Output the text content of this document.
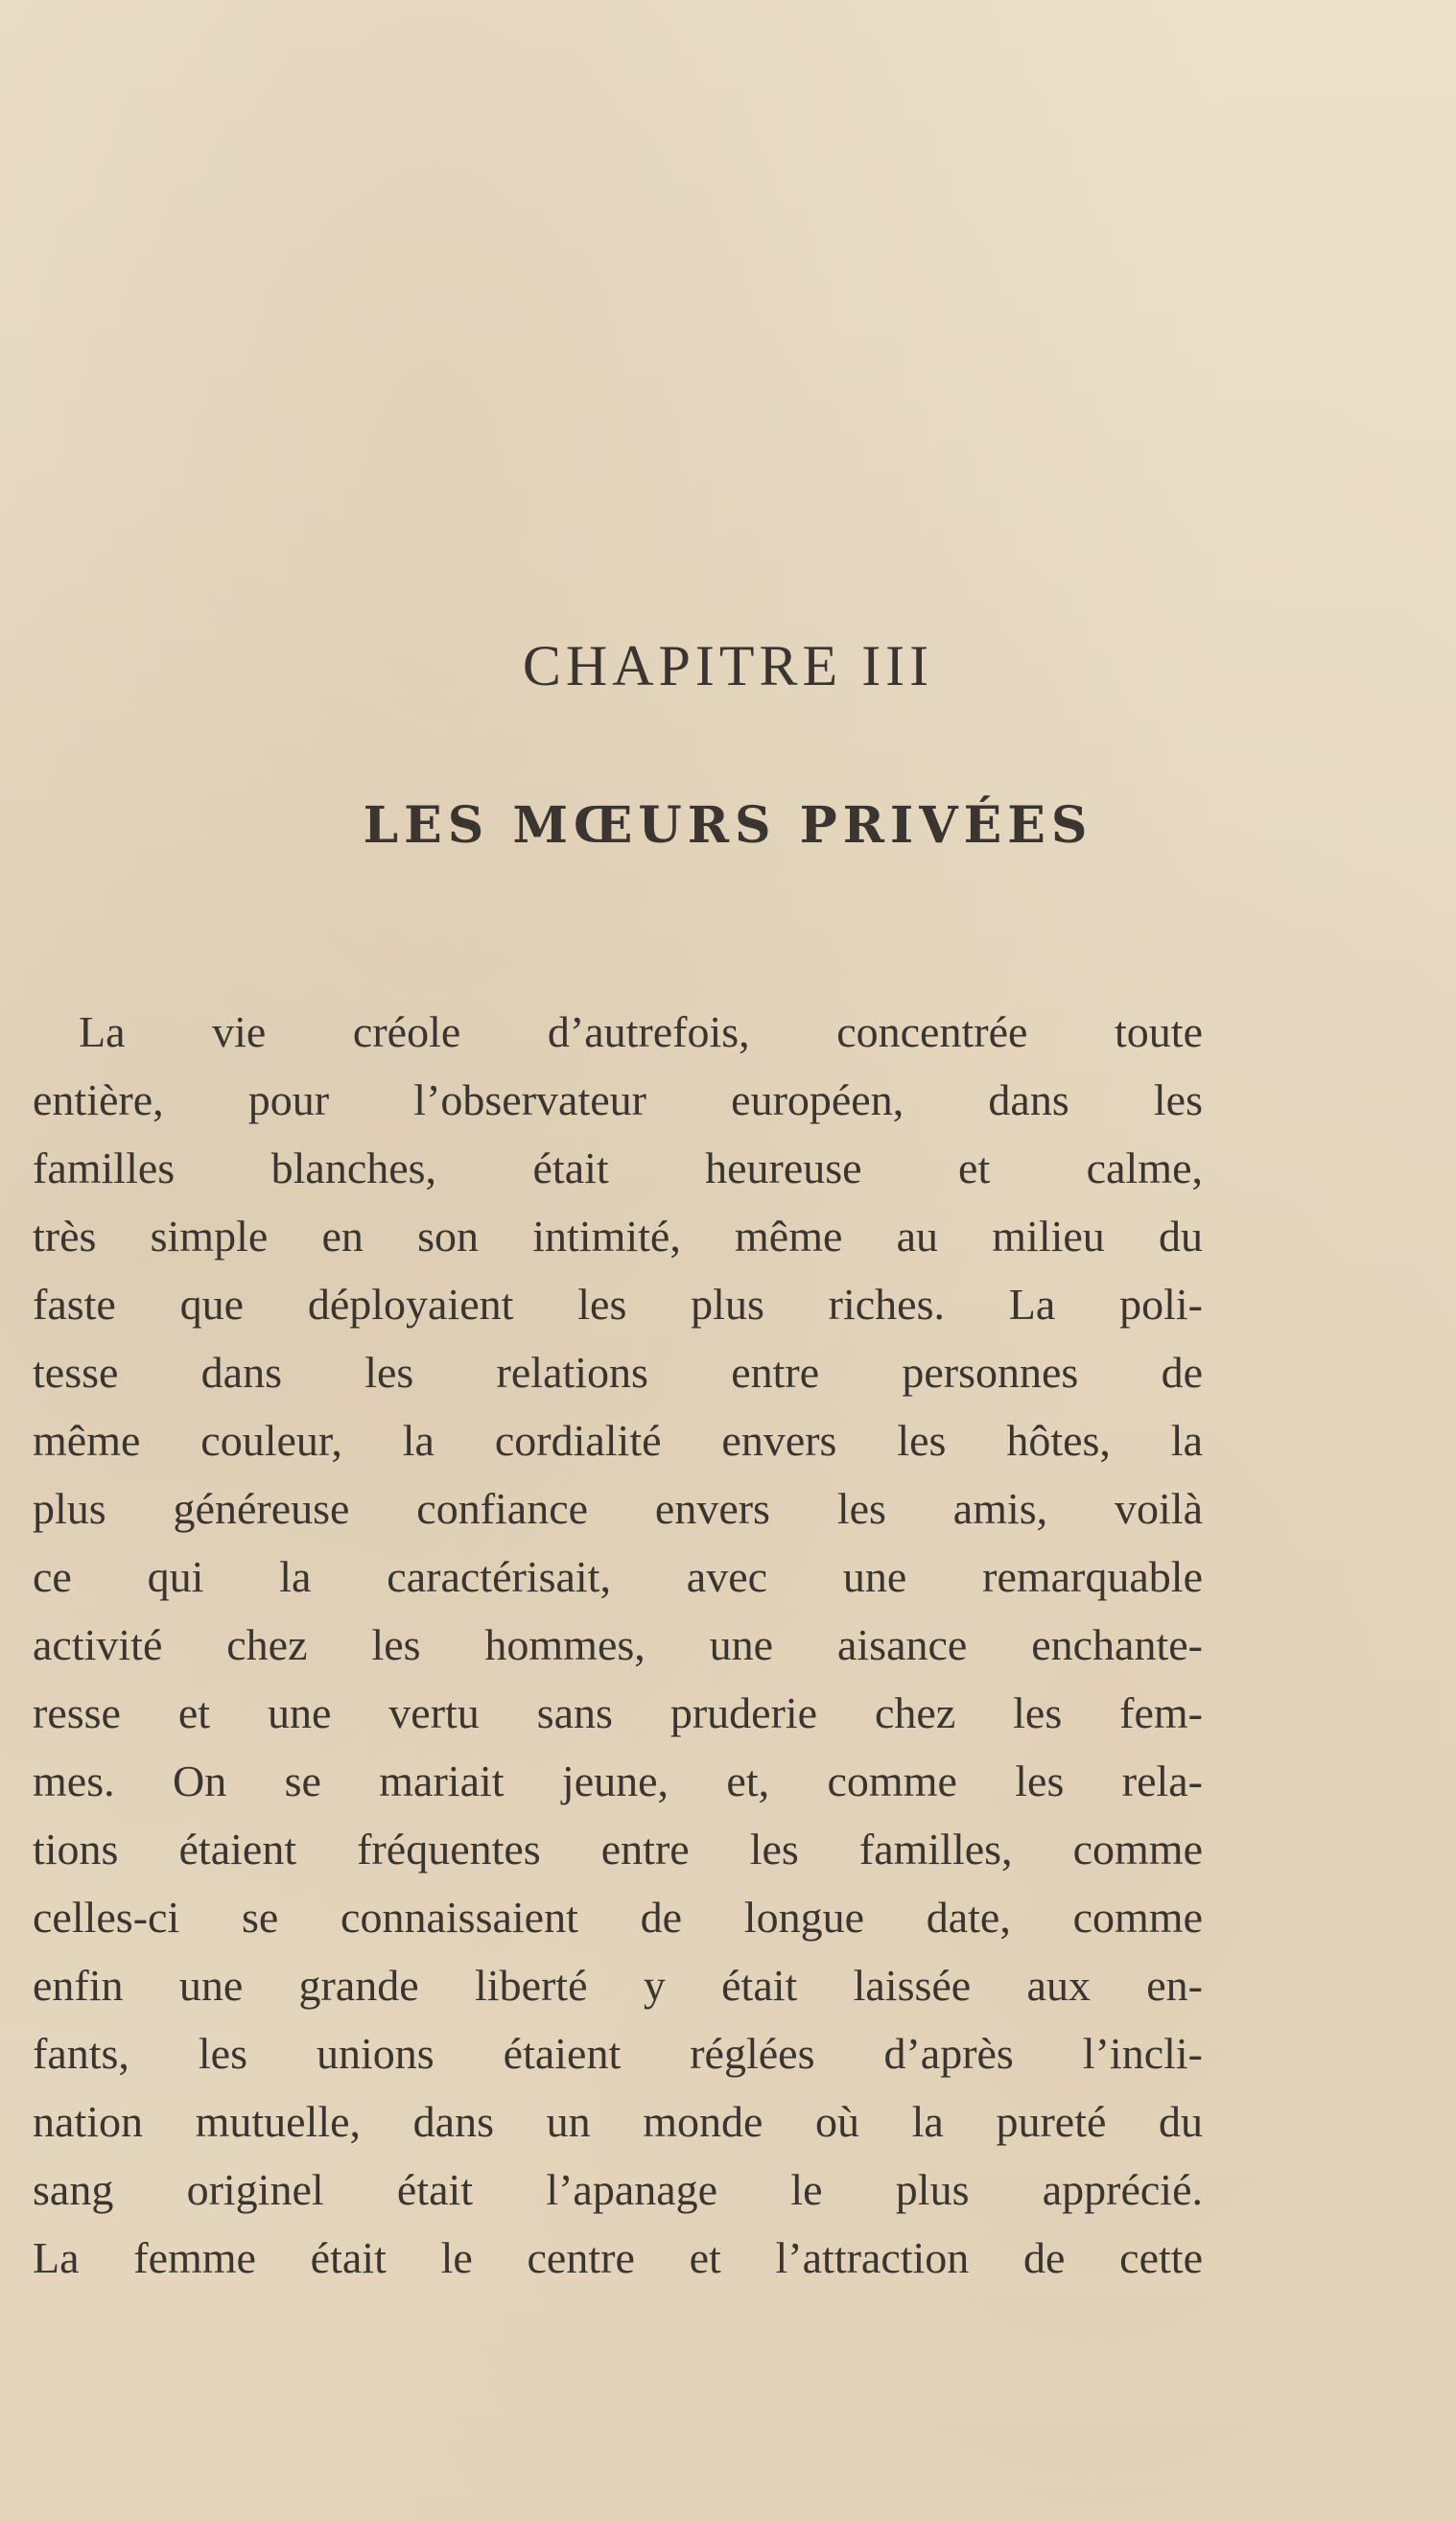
CHAPITRE III
LES MŒURS PRIVÉES
La vie créole d’autrefois, concentrée toute
entière, pour l’observateur européen, dans les
familles blanches, était heureuse et calme,
très simple en son intimité, même au milieu du
faste que déployaient les plus riches. La poli-
tesse dans les relations entre personnes de
même couleur, la cordialité envers les hôtes, la
plus généreuse confiance envers les amis, voilà
ce qui la caractérisait, avec une remarquable
activité chez les hommes, une aisance enchante-
resse et une vertu sans pruderie chez les fem-
mes. On se mariait jeune, et, comme les rela-
tions étaient fréquentes entre les familles, comme
celles-ci se connaissaient de longue date, comme
enfin une grande liberté y était laissée aux en-
fants, les unions étaient réglées d’après l’incli-
nation mutuelle, dans un monde où la pureté du
sang originel était l’apanage le plus apprécié.
La femme était le centre et l’attraction de cette
